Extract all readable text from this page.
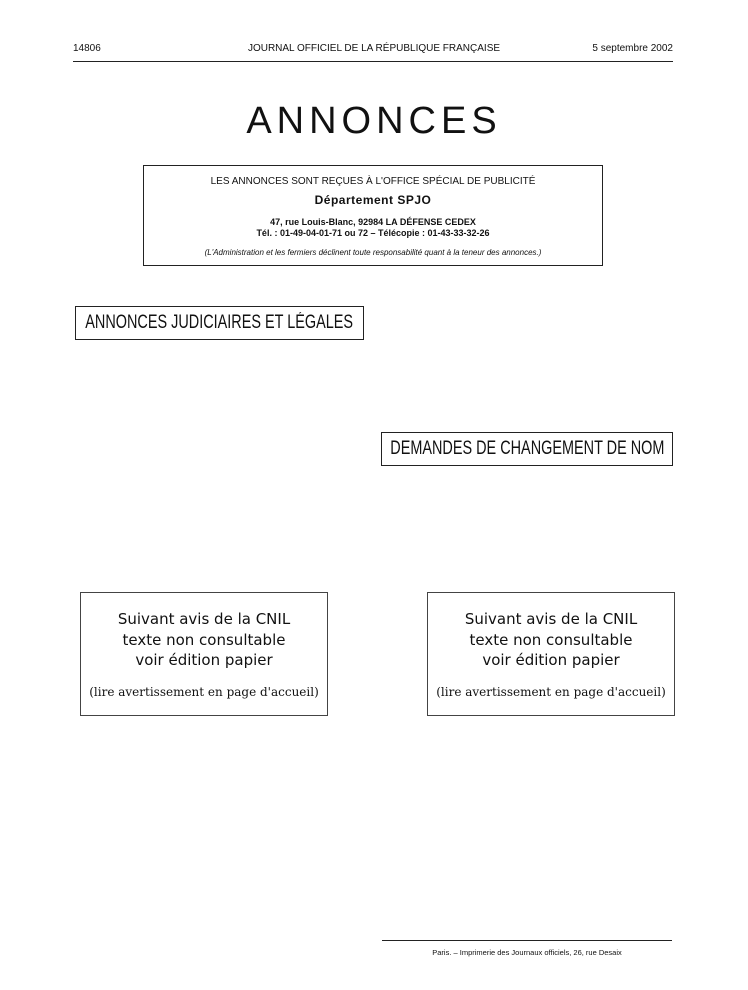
14806	JOURNAL OFFICIEL DE LA RÉPUBLIQUE FRANÇAISE	5 septembre 2002
ANNONCES
LES ANNONCES SONT REÇUES À L'OFFICE SPÉCIAL DE PUBLICITÉ
Département SPJO
47, rue Louis-Blanc, 92984 LA DÉFENSE CEDEX
Tél. : 01-49-04-01-71 ou 72 – Télécopie : 01-43-33-32-26
(L'Administration et les fermiers déclinent toute responsabilité quant à la teneur des annonces.)
ANNONCES JUDICIAIRES ET LÉGALES
DEMANDES DE CHANGEMENT DE NOM
Suivant avis de la CNIL
texte non consultable
voir édition papier
(lire avertissement en page d'accueil)
Suivant avis de la CNIL
texte non consultable
voir édition papier
(lire avertissement en page d'accueil)
Paris. – Imprimerie des Journaux officiels, 26, rue Desaix
